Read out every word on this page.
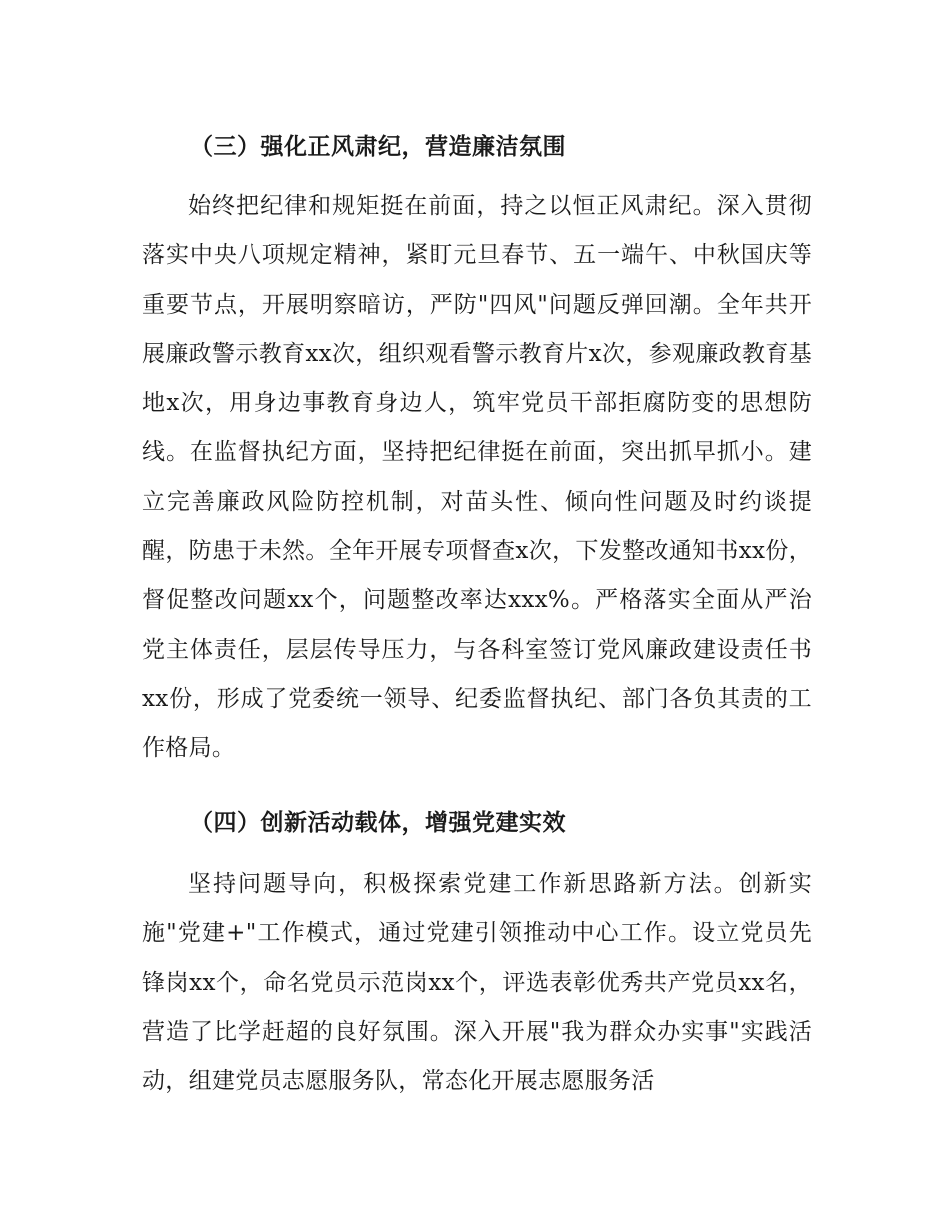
（三）强化正风肃纪，营造廉洁氛围

始终把纪律和规矩挺在前面，持之以恒正风肃纪。深入贯彻落实中央八项规定精神，紧盯元旦春节、五一端午、中秋国庆等重要节点，开展明察暗访，严防"四风"问题反弹回潮。全年共开展廉政警示教育xx次，组织观看警示教育片x次，参观廉政教育基地x次，用身边事教育身边人，筑牢党员干部拒腐防变的思想防线。在监督执纪方面，坚持把纪律挺在前面，突出抓早抓小。建立完善廉政风险防控机制，对苗头性、倾向性问题及时约谈提醒，防患于未然。全年开展专项督查x次，下发整改通知书xx份，督促整改问题xx个，问题整改率达xxx%。严格落实全面从严治党主体责任，层层传导压力，与各科室签订党风廉政建设责任书xx份，形成了党委统一领导、纪委监督执纪、部门各负其责的工作格局。

（四）创新活动载体，增强党建实效

坚持问题导向，积极探索党建工作新思路新方法。创新实施"党建+"工作模式，通过党建引领推动中心工作。设立党员先锋岗xx个，命名党员示范岗xx个，评选表彰优秀共产党员xx名，营造了比学赶超的良好氛围。深入开展"我为群众办实事"实践活动，组建党员志愿服务队，常态化开展志愿服务活
